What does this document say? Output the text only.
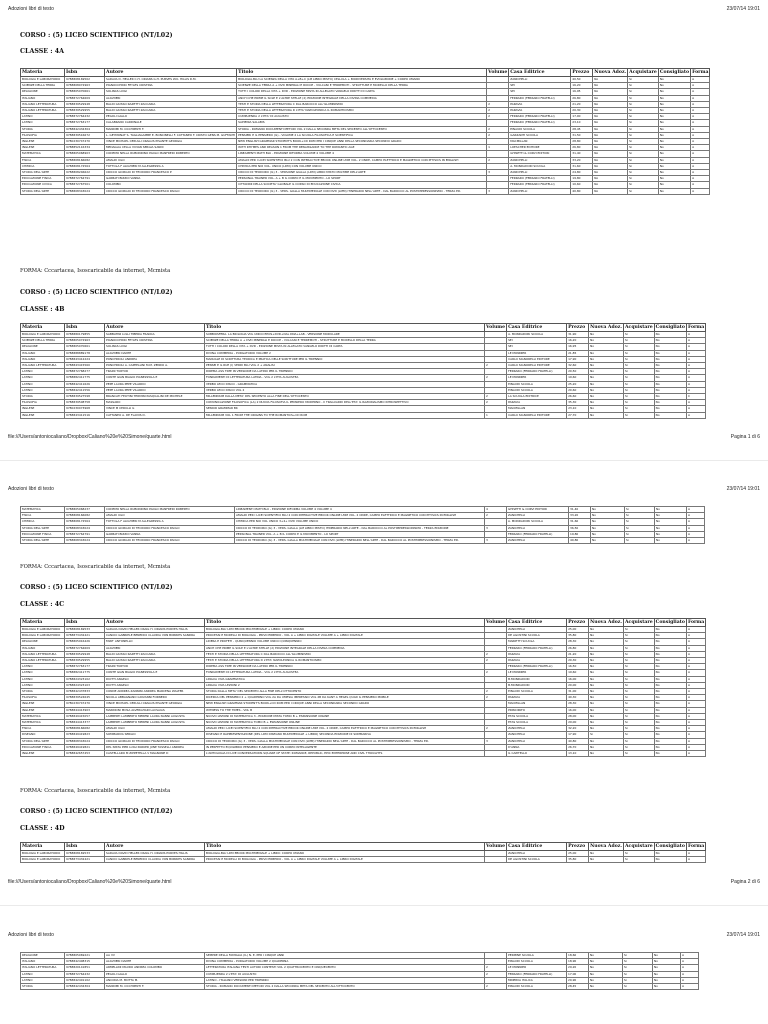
Adozioni libri di testo	23/07/14 19:01
CORSO : (5) LICEO SCIENTIFICO (NT/L02)
CLASSE : 4A
Materia	Isbn	Autore	Titolo	Volume	Casa Editrice	Prezzo	Nuova Adoz.	Acquistare	Consigliato	Forma
BIOLOGIA E LABORATORIO	9788808169502	SADAVA D. HELLER C.H. ORIANS G.H. PURVES W.K. HILLIS D.M.	BIOLOGIA.BLU LA SCIENZA DELLA VITA A+B+C (LM LIBRO MISTO) CELLULA + BIODIVERSITA E EVOLUZIONE + CORPO UMANO		ZANICHELLI	40,50	No	Si	No	A
SCIENZE DELLA TERRA	9788808072963	PIGNOCCHINO FEYLES CRISTINA	SCIENZE DELLA TERRA A + DVD MINERALI E ROCCE - VULCANI E TERREMOTI - STRUTTURE E MODELLO DELLA TERRA		SEI	16,20	No	Si	No	A
RELIGIONE	9788805070661	SOLINAS LUIGI	TUTTI I COLORI DELLA VITA + DVD - EDIZIONE MISTA IN ALLEGATO VANGELO DIRITTI DI CARTA		SEI	16,95	No	Si	No	A
ITALIANO	9788872764609	ALIGHIERI	ANCH CHE PRIME IL SOLE E L'ALTRE STELLE (2) EDIZIONE INTEGRALE DELLA DIVINA COMMEDIA		FERRARO (FERRARO FRATELLI)	26,80	No	Si	No	A
ITALIANO LETTERATURA	9788839529948	BALDI GIUSSO RAZETTI ZACCARIA	TESTI E STORIA DELLA LETTERATURA C DAL BAROCCO ALL'ILLUMINISMO	2	PARAVIA	21,20	No	Si	No	A
ITALIANO LETTERATURA	9788839529955	BALDI GIUSSO RAZETTI ZACCARIA	TESTI E STORIA DELLA LETTERATURA D L'ETA' NAPOLEONICA IL ROMANTICISMO	2	PARAVIA	20,30	No	Si	No	A
LATINO	9788872764432	PEGOLI GALLO	CUMPLIENDA 2 L'ETA' DI AUGUSTO	2	FERRARO (FERRARO FRATELLI)	17,00	No	Si	No	A
LATINO	9788872763177	CALABRANO CARDINALE	SAPIENIA SALABIS		FERRARO (FERRARO FRATELLI)	23,10	No	Si	No	A
STORIA	9788842434304	MANDIMI M. OCCHIPINTI F.	STORIA - ROMANO DOCUMENTI METODI VOL 2 DALLA SECONDA META DEL SEICENTO ALL'OTTOCENTO	2	EINAUDI SCUOLA	28,45	No	Si	No	A
FILOSOFIA	9788839516672	L. GEYMONAT S. TAGLIAGAMBE E. BONCINELLI F. CATTANEO F. CRISTO GENS M. GUFFANTI	PENSIERI E IL PENSIERO (IL) - VOLUME 2 LA SCUOLA FILOSOFICA E SCIENTIFICA	2	GARZANTI SCUOLA	31,50	No	Si	No	A
INGLESE	9780230747470	VINCE MICHAEL CERULLI CRAGUS PISANTE GEORGIA	NEW ENGLISH GRAMMAR STUDENT'S BOOK+CD ROM PER I CINQUE ANNI DELLA SECONDARIA SECONDO GRADO		MACMILLAN	28,80	No	Si	No	A
INGLESE	9788852116334	MEDAGLIA CELLA VIVIAN SERGIA SANDI	WITH RHYMES AND REASON 1 FROM THE RENAISSANCE TO THE ROMANTIC AGE	1	LOESCHER EDITORE	26,80	No	Si	No	A
MATEMATICA	9788805068903	CODEMO NELLA RUBONDINO PAOLO MANFREDI ROBERTO	LINEAMENTI MATH BLU - EDIZIONE RIFORMA VOLUME 4 VOLUME 4		GHISETTI & CORVI EDITORI	31,40	No	Si	No	A
FISICA	9788808166082	AMALDI UGO	AMALDI PER I LICEI SCIENTIFICI BLU 2 CON INTERACTIVE EBOOK ONLINE LMM VOL. 2 ONDE, CAMPO ELETTRICO E MAGNETICO CON PHYSICS IN ENGLISH	2	ZANICHELLI	33,20	No	Si	No	A
CHIMICA	9788808172564	TOTTOLA F ALIGHIERI M ALLEGREZZA A	CHIMICA PER NOI VOL. UNICO (LDM) CON VOLUME UNICO		A. MONDADORI SCUOLA	31,60	No	Si	No	A
STORIA DELL'ARTE	9788808246622	CRICCO GIORGIO DI TEODORO FRANCESCO P	CRICCO DI TEODORO (IL) 3 - VERSIONE GIALLA (LDM) LIBRO MISTO MULTIME DELL'ARTE	3	ZANICHELLI	24,80	No	Si	No	A
EDUCAZIONE FISICA	9788872764791	GARBATI BIZZOI VANNA	PERSONAL TRAINER VOL. A + B IL CORPO E IL MOVIMENTO - LO SPORT		FERRARO (FERRARO FRATELLI)	19,80	No	Si	No	A
EDUCAZIONE CIVICA	9788872767501	COLOMBO	CITTADINI DELLA SOCIETA' GLOBALE IL CORSO DI EDUCAZIONE CIVICA		FERRARO (FERRARO FRATELLI)	10,60	No	Si	No	A
STORIA DELL'ARTE	9788808343024	CRICCO GIORGIO DI TEODORO FRANCESCO PAOLO	CRICCO DI TEODORO (IL) 3 - VERS. GIALLA MULTIMEDIALE CON DVD (LMM) ITINERARIO NELL'ARTE - DAL BAROCCO AL POSTIMPRESSIONISMO - TERZA ED.	3	ZANICHELLI	40,80	No	Si	No	A
FORMA: Cccartacea, Isoscaricabile da internet, Mcmista
CORSO : (5) LICEO SCIENTIFICO (NT/L02)
CLASSE : 4B
Materia	Isbn	Autore	Titolo	Volume	Casa Editrice	Prezzo	Nuova Adoz.	Acquistare	Consigliato	Forma
BIOLOGIA E LABORATORIO	9788880179855	SABBATINI LULLI TIBERIA FRANCA	SUBBIOSFERA. LA BIOLOGIA VOL UNICO EPOS+DVD+DAL DNA+LAB - VERSIONE MODULARE		A. MONDADORI SCUOLA	31,90	No	Si	No	A
SCIENZE DELLA TERRA	9788805072963	PIGNOCCHINO FEYLES CRISTINA	SCIENZE DELLA TERRA A + DVD MINERALI E ROCCE - VULCANI E TERREMOTI - STRUTTURE E MODELLO DELLA TERRA		SEI	16,20	No	Si	No	A
RELIGIONE	9788805070661	SOLINAS LUIGI	TUTTI I COLORI DELLA VITA + DVD - EDIZIONE MISTA IN ALLEGATO VANGELO DIRITTI DI CARTA		SEI	16,95	No	Si	No	A
ITALIANO	9788888889178	ALIGHIERI DANTE	DIVINA COMMEDIA - PURGATORIO VOLUME 2		LE MONNIER	21,85	No	Si	No	A
ITALIANO	9788843412224	PONCHIROLI ANDREA	MANUALE DI SCRITTURA TEORICA E PRATICA DELLE SCRITTURE PER IL TRIENNIO		CARLO SIGNORELLI EDITORE	17,90	No	Si	No	A
ITALIANO LETTERATURA	9788843415560	PONCHIROLI A. CAPPELLINI M.M. ZENDO A.	PENSEI E IL RUE (I) VERDI BLU VOL 2 + ANALISI	2	CARLO SIGNORELLI EDITORE	32,60	No	Si	No	A
LATINO	9788872768277	TRAINI TURTUR	DIREMA ASS TIME IN VERSIONE DA LATINO PER IL TRIENNIO		FERRARO (FERRARO FRATELLI)	20,50	No	Si	No	A
LATINO	9788882411775	CONTE GIAN BIAGIO PIANEZZOLA E	FONDAMENTI DI LETTERATURA LATINA - VOL 2 L'ETA AUGUSTEA	2	LE MONNIER	19,60	No	Si	No	A
LATINO	9788842411626	PEPE LAURA PEPE VILARDO	VERBO LECO DISCO - GRAMMATICA		EINAUDI SCUOLA	25,20	No	Si	No	A
LATINO	9788842411556	PEPE LAURA PEPE VILARDO	VERBO LECO DISCO VOL 2		EINAUDI SCUOLA	20,60	No	Si	No	A
STORIA	9788839527598	BRANCATI FEOTINI TERMINI PASQUALINI DE MICHELE	MILLENNIUM DALLA META' DEL SEICENTO ALLA FINE DELL'OTTOCENTO	2	LA SCUOLA EDITRICE	26,60	No	Si	No	C
FILOSOFIA	9788839508758	MASSARO	COMUNICAZIONE FILOSOFICA (LA) 2 NUOVA FILOSOFIA IL PENSIERO MODERNO - II TRAGUARDI DELL'ETA' IL RAZIONALISMO INTROSPETTIVO	2	PARAVIA	35,30	No	Si	No	A
INGLESE	9780230073968	VINCE M CERULLI G	SENIOR GRAMMAR BK		MACMILLAN	23,10	No	Si	No	A
INGLESE	9788843411516	CATTANEO A. DE FLAVIIS D.	MILLENNIUM VOL 1 FROM THE ORIGINS TO THE ROMANTICS+CD ROM	1	CARLO SIGNORELLI EDITORE	27,70	No	Si	No	A
file:///Users/antoniocaliano/Dropbox/Caliano%20e%20Simone/quarte.html	Pagina 1 di 6
Adozioni libri di testo	23/07/14 19:01
MATEMATICA	9788805068237	CODEMO NELLA RUBONDINO PAOLO MANFREDI ROBERTO	LINEAMENTI MATH BLU - EDIZIONE RIFORMA VOLUME 4 VOLUME 4	4	GHISETTI & CORVI EDITORI	31,40	No	Si	No	A
FISICA	9788808166082	AMALDI UGO	AMALDI PER I LICEI SCIENTIFICI BLU 2 CON INTERACTIVE EBOOK ONLINE LMM VOL. 2 ONDE, CAMPO ELETTRICO E MAGNETICO CON PHYSICS IN ENGLISH	2	ZANICHELLI	33,20	No	Si	No	A
CHIMICA	9788808172564	TOTTOLA F ALIGHIERI M ALLEGREZZA A	CHIMICA PER NOI VOL UNICO 3+4+ DVD VOLUME UNICO		A. MONDADORI SCUOLA	31,60	No	Si	No	A
STORIA DELL'ARTE	9788808343024	CRICCO GIORGIO DI TEODORO FRANCESCO PAOLO	CRICCO DI TEODORO (IL) 3 - VERS. GIALLA (LM LIBRO MISTO) ITINERARIO NELL'ARTE - DAL BAROCCO AL POSTIMPRESSIONISMO - TERZA EDIZIONE	3	ZANICHELLI	36,50	No	Si	No	A
EDUCAZIONE FISICA	9788872764791	GARBATI BIZZOI VANNA	PERSONAL TRAINER VOL. A + B IL CORPO E IL MOVIMENTO - LO SPORT		FERRARO (FERRARO FRATELLI)	19,80	No	Si	No	A
STORIA DELL'ARTE	9788808343024	CRICCO GIORGIO DI TEODORO FRANCESCO PAOLO	CRICCO DI TEODORO (IL) 3 - VERS. GIALLA MULTIMEDIALE CON DVD (LMM) ITINERARIO NELL'ARTE - DAL BAROCCO AL POSTIMPRESSIONISMO - TERZA ED.	3	ZANICHELLI	40,80	No	Si	No	A
FORMA: Cccartacea, Isoscaricabile da internet, Mcmista
CORSO : (5) LICEO SCIENTIFICO (NT/L02)
CLASSE : 4C
Materia	Isbn	Autore	Titolo	Volume	Casa Editrice	Prezzo	Nuova Adoz.	Acquistare	Consigliato	Forma
BIOLOGIA E LABORATORIO	9788808169533	SADAVA DAVID HELLER CRAIG H. ORIANS PURVES HILLIS	BIOLOGIA.BLU LDM EBOOK MULTIMEDIALE + LIBRO: CORPO UMANO		ZANICHELLI	25,00	No	Si	No	A
BIOLOGIA E LABORATORIO	9788873432421	CANOCI GABRIELE BENEDICI CLAUDIA VON BORRIES SANDRA	PROCESSI E MODELLI DI BIOLOGIA - PRIVO ERBERIO - VOL A + LIBRO DIGITALE VOLUME A + LIBRO DIGITALE		DE AGOSTINI SCUOLA	35,80	No	Si	No	A
RELIGIONE	9788805916426	FARE' ANTONELLO	LIDERA E PROFETI - QUINQUENNIO VOLUME UNICO QUINQUENNIO		MARIETTI SCUOLA	28,30	No	Si	No	A
ITALIANO	9788872764609	ALIGHIERI	ANCH CHE PRIME IL SOLE E L'ALTRE STELLE (2) EDIZIONE INTEGRALE DELLA DIVINA COMMEDIA		FERRARO (FERRARO FRATELLI)	26,80	No	Si	No	A
ITALIANO LETTERATURA	9788839529948	BALDI GIUSSO RAZETTI ZACCARIA	TESTI E STORIA DELLA LETTERATURA C DAL BAROCCO ALL'ILLUMINISMO	2	PARAVIA	21,20	No	Si	No	A
ITALIANO LETTERATURA	9788839529955	BALDI GIUSSO RAZETTI ZACCARIA	TESTI E STORIA DELLA LETTERATURA D L'ETA' NAPOLEONICA IL ROMANTICISMO	2	PARAVIA	20,30	No	Si	No	A
LATINO	9788872763177	TRAINI TURTUR	DIREMA ASS TIME IN VERSIONE DA LATINO PER IL TRIENNIO		FERRARO (FERRARO FRATELLI)	16,50	No	Si	No	A
LATINO	9788882411775	CONTE GIAN BIAGIO PIANEZZOLA E	FONDAMENTI DI LETTERATURA LATINA - VOL 2 L'ETA AUGUSTEA	2	LE MONNIER	19,60	No	Si	No	A
LATINO	9788824323102	DIOTTI ANGELO	LINGUA VIVA GRAMMATICA		B.MONDADORI	16,00	No	Si	No	A
LATINO	9788824323103	DIOTTI ANGELO	LINGUA VIVA LEZIONI 2		B.MONDADORI	20,00	No	Si	No	A
STORIA	9788842437833	CONDE ANDREA ZANNINI ANDREA MARCENA WALTER	STORIA DALLA META' DEL SEICENTO ALLA FINE DELL'OTTOCENTO	2	EINAUDI SCUOLA	31,00	No	Si	No	A
FILOSOFIA	9788839524645	NICOLA ABBAGNANO GIOVANNI FORNERO	RICERCA DEL PENSIERO 2 + QUADERNO VOL 2A DA UMESIA IMPRESSIO VOL 2B DA KANT A HEGEL QUAD IL PENSIERO MOBILE	2	PARAVIA	40,30	No	Si	No	A
INGLESE	9780230747470	VINCE MICHAEL CERULLI CRAGUS PISANTE GEORGIA	NEW ENGLISH GRAMMAR STUDENT'S BOOK+CD ROM PER I CINQUE ANNI DELLA SECONDARIA SECONDO GRADO		MACMILLAN	28,30	No	Si	No	A
INGLESE	9788844413903	MARINONI MOSA ALVERGHARI LACSAIAS	WITNESS TO THE TIMES - VOL B		PRINCIPATO	16,00	No	Si	No	A
MATEMATICA	9788849415057	LAMBERTI LAMBERTO MERENI LAURA NANNI AUGUSTA	NUOVO LEZIONI DI MATEMATICA 3 - EDIZIONE MISTA TOMO B + ESPANSIONE ONLINE		ETAS SCUOLA	28,00	No	Si	No	A
MATEMATICA	9788844413377	LAMBERTI LAMBERTO MERENI LAURA NANNI AUGUSTA	NUOVO LEZIONI DI MATEMATICA TOMO B + ESPANSIONE ONLINE		ETAS SCUOLA	29,00	No	Si	No	A
FISICA	9788808166082	AMALDI UGO	AMALDI PER I LICEI SCIENTIFICI BLU 2 CON INTERACTIVE EBOOK ONLINE LMM VOL. 2 ONDE, CAMPO ELETTRICO E MAGNETICO CON PHYSICS IN ENGLISH	2	ZANICHELLI	32,20	No	Si	No	A
DISEGNO	9788849419823	SOMMARIVA SERGIO	DISEGNO E RAPPRESENTAZIONE (DEL LDM DISEGNO MULTIMEDIALE + LIBRO) SECONDA EDIZIONE DI SOMMARIVA		ZANICHELLI	17,90	Si	Si	No	A
STORIA DELL'ARTE	9788808343024	CRICCO GIORGIO DI TEODORO FRANCESCO PAOLO	CRICCO DI TEODORO (IL) 3 - VERS. GIALLA MULTIMEDIALE CON DVD (LMM) ITINERARIO NELL'ARTE - DAL BAROCCO AL POSTIMPRESSIONISMO - TERZA ED.	3	ZANICHELLI	40,80	No	Si	No	A
EDUCAZIONE FISICA	9788849419821	DEL NISTA PIER LUIGI PARKER JUNE TASSELLI ANDREA	IN PERFETTO EQUILIBRIO PENSIERO E AZIONE PER UN CORPO INTELLIGENTE		D'ANNA	26,70	No	Si	No	A
INGLESE	9788842657453	CASTELLARO M ZIPPETELLA V MAGNONE D	L'ANTOLOGIA DI LIVE CONVERSATIONS SQUARE OF STATE: ROMANCE, REPUBLIC, EPIC ENTERPRISE AND CIVIL THOUGHTS		IL CAPITELLO	13,10	No	Si	No	A
FORMA: Cccartacea, Isoscaricabile da internet, Mcmista
CORSO : (5) LICEO SCIENTIFICO (NT/L02)
CLASSE : 4D
Materia	Isbn	Autore	Titolo	Volume	Casa Editrice	Prezzo	Nuova Adoz.	Acquistare	Consigliato	Forma
BIOLOGIA E LABORATORIO	9788808169533	SADAVA DAVID HELLER CRAIG H. ORIANS PURVES HILLIS	BIOLOGIA.BLU LDM EBOOK MULTIMEDIALE + LIBRO: CORPO UMANO		ZANICHELLI	25,00	No	Si	No	A
BIOLOGIA E LABORATORIO	9788873432421	CANOCI GABRIELE BENEDICI CLAUDIA VON BORRIES SANDRA	PROCESSI E MODELLI DI BIOLOGIA - PRIVO ERBERIO - VOL A + LIBRO DIGITALE VOLUME A + LIBRO DIGITALE		DE AGOSTINI SCUOLA	35,80	No	Si	No	A
file:///Users/antoniocaliano/Dropbox/Caliano%20e%20Simone/quarte.html	Pagina 2 di 6
Adozioni libri di testo	23/07/14 19:01
RELIGIONE	9788805069221	AA VV	SEMPRE DELLA FAMIGLIA (IL) N. E. PER I CINQUE ANNI		PERMINE SCUOLA	18,60	No	Si	No	A
ITALIANO	9788842408315	ALIGHIERI DANTE	DIVINA COMMEDIA - PURGATORIO VOLUME 2 QUADERNA		EINAUDI SCUOLA	18,90	No	Si	No	A
ITALIANO LETTERATURA	9788820141851	ARMELLINI MAURO ANDREA COLOMBO	LETTERATURA ITALIANA TESTI AUTORI CONTESTI VOL 2 QUATTROCENTO E CINQUECENTO	2	LE MONNIER	29,20	No	Si	No	A
LATINO	9788872764432	PEGOLI GALLO	CUMPLIENDA 2 L'ETA' DI AUGUSTO	2	FERRARO (FERRARO FRATELLI)	17,00	No	Si	No	A
LATINO	9788842401102	ANCONA M. MOTTA M.	LATINO - ITALIANO VERSIONI PER TRIENNIO		MINERVA ITALICA	20,90	No	Si	No	A
STORIA	9788842434304	MANDIMI M. OCCHIPINTI F.	STORIA - ROMANO DOCUMENTI METODI VOL 2 DALLA SECONDA META DEL SEICENTO ALL'OTTOCENTO	2	EINAUDI SCUOLA	28,45	No	Si	No	A
